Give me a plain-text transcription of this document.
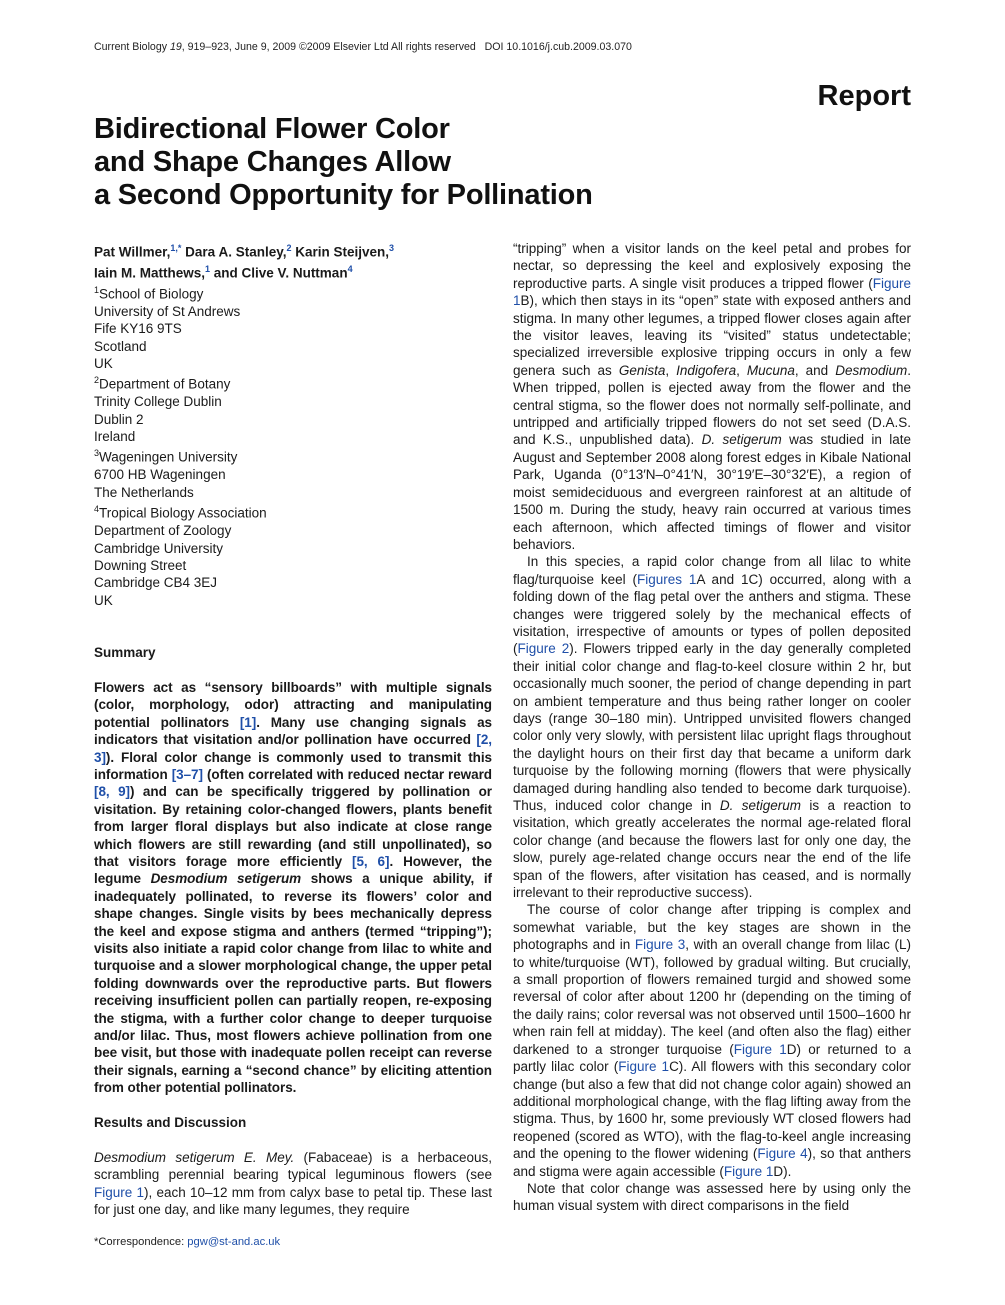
Current Biology 19, 919–923, June 9, 2009 ©2009 Elsevier Ltd All rights reserved DOI 10.1016/j.cub.2009.03.070
Report
Bidirectional Flower Color
and Shape Changes Allow
a Second Opportunity for Pollination
Pat Willmer,$^{1,*}$ Dara A. Stanley,$^2$ Karin Steijven,$^3$
Iain M. Matthews,$^1$ and Clive V. Nuttman$^4$
$^1$School of Biology
University of St Andrews
Fife KY16 9TS
Scotland
UK
$^2$Department of Botany
Trinity College Dublin
Dublin 2
Ireland
$^3$Wageningen University
6700 HB Wageningen
The Netherlands
$^4$Tropical Biology Association
Department of Zoology
Cambridge University
Downing Street
Cambridge CB4 3EJ
UK

Summary

Flowers act as “sensory billboards” with multiple signals (color, morphology, odor) attracting and manipulating potential pollinators [1]. Many use changing signals as indicators that visitation and/or pollination have occurred [2, 3]). Floral color change is commonly used to transmit this information [3–7] (often correlated with reduced nectar reward [8, 9]) and can be specifically triggered by pollination or visitation. By retaining color-changed flowers, plants benefit from larger floral displays but also indicate at close range which flowers are still rewarding (and still unpollinated), so that visitors forage more efficiently [5, 6]. However, the legume Desmodium setigerum shows a unique ability, if inadequately pollinated, to reverse its flowers’ color and shape changes. Single visits by bees mechanically depress the keel and expose stigma and anthers (termed “tripping”); visits also initiate a rapid color change from lilac to white and turquoise and a slower morphological change, the upper petal folding downwards over the reproductive parts. But flowers receiving insufficient pollen can partially reopen, re-exposing the stigma, with a further color change to deeper turquoise and/or lilac. Thus, most flowers achieve pollination from one bee visit, but those with inadequate pollen receipt can reverse their signals, earning a “second chance” by eliciting attention from other potential pollinators.

Results and Discussion

Desmodium setigerum E. Mey. (Fabaceae) is a herbaceous, scrambling perennial bearing typical leguminous flowers (see Figure 1), each 10–12 mm from calyx base to petal tip. These last for just one day, and like many legumes, they require

“tripping” when a visitor lands on the keel petal and probes for nectar, so depressing the keel and explosively exposing the reproductive parts. A single visit produces a tripped flower (Figure 1B), which then stays in its “open” state with exposed anthers and stigma. In many other legumes, a tripped flower closes again after the visitor leaves, leaving its “visited” status undetectable; specialized irreversible explosive tripping occurs in only a few genera such as Genista, Indigofera, Mucuna, and Desmodium. When tripped, pollen is ejected away from the flower and the central stigma, so the flower does not normally self-pollinate, and untripped and artificially tripped flowers do not set seed (D.A.S. and K.S., unpublished data). D. setigerum was studied in late August and September 2008 along forest edges in Kibale National Park, Uganda (0°13′N–0°41′N, 30°19′E–30°32′E), a region of moist semideciduous and evergreen rainforest at an altitude of 1500 m. During the study, heavy rain occurred at various times each afternoon, which affected timings of flower and visitor behaviors.

In this species, a rapid color change from all lilac to white flag/turquoise keel (Figures 1A and 1C) occurred, along with a folding down of the flag petal over the anthers and stigma. These changes were triggered solely by the mechanical effects of visitation, irrespective of amounts or types of pollen deposited (Figure 2). Flowers tripped early in the day generally completed their initial color change and flag-to-keel closure within 2 hr, but occasionally much sooner, the period of change depending in part on ambient temperature and thus being rather longer on cooler days (range 30–180 min). Untripped unvisited flowers changed color only very slowly, with persistent lilac upright flags throughout the daylight hours on their first day that became a uniform dark turquoise by the following morning (flowers that were physically damaged during handling also tended to become dark turquoise). Thus, induced color change in D. setigerum is a reaction to visitation, which greatly accelerates the normal age-related floral color change (and because the flowers last for only one day, the slow, purely age-related change occurs near the end of the life span of the flowers, after visitation has ceased, and is normally irrelevant to their reproductive success).

The course of color change after tripping is complex and somewhat variable, but the key stages are shown in the photographs and in Figure 3, with an overall change from lilac (L) to white/turquoise (WT), followed by gradual wilting. But crucially, a small proportion of flowers remained turgid and showed some reversal of color after about 1200 hr (depending on the timing of the daily rains; color reversal was not observed until 1500–1600 hr when rain fell at midday). The keel (and often also the flag) either darkened to a stronger turquoise (Figure 1D) or returned to a partly lilac color (Figure 1C). All flowers with this secondary color change (but also a few that did not change color again) showed an additional morphological change, with the flag lifting away from the stigma. Thus, by 1600 hr, some previously WT closed flowers had reopened (scored as WTO), with the flag-to-keel angle increasing and the opening to the flower widening (Figure 4), so that anthers and stigma were again accessible (Figure 1D).

Note that color change was assessed here by using only the human visual system with direct comparisons in the field

*Correspondence: pgw@st-and.ac.uk
